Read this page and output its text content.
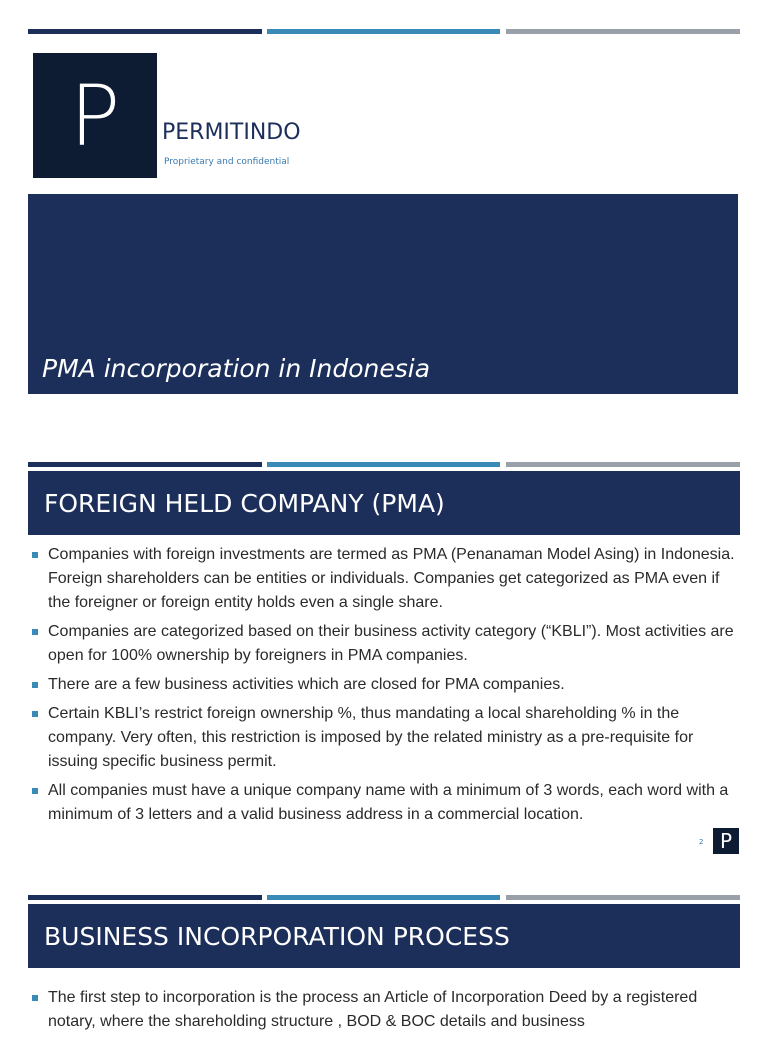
P PERMITINDO
Proprietary and confidential
PMA incorporation in Indonesia
FOREIGN HELD COMPANY (PMA)
Companies with foreign investments are termed as PMA (Penanaman Model Asing) in Indonesia. Foreign shareholders can be entities or individuals. Companies get categorized as PMA even if the foreigner or foreign entity holds even a single share.
Companies are categorized based on their business activity category (“KBLI”). Most activities are open for 100% ownership by foreigners in PMA companies.
There are a few business activities which are closed for PMA companies.
Certain KBLI’s restrict foreign ownership %, thus mandating a local shareholding % in the company. Very often, this restriction is imposed by the related ministry as a pre-requisite for issuing specific business permit.
All companies must have a unique company name with a minimum of 3 words, each word with a minimum of 3 letters and a valid business address in a commercial location.
2 P
BUSINESS INCORPORATION PROCESS
The first step to incorporation is the process an Article of Incorporation Deed by a registered notary, where the shareholding structure , BOD & BOC details and business
